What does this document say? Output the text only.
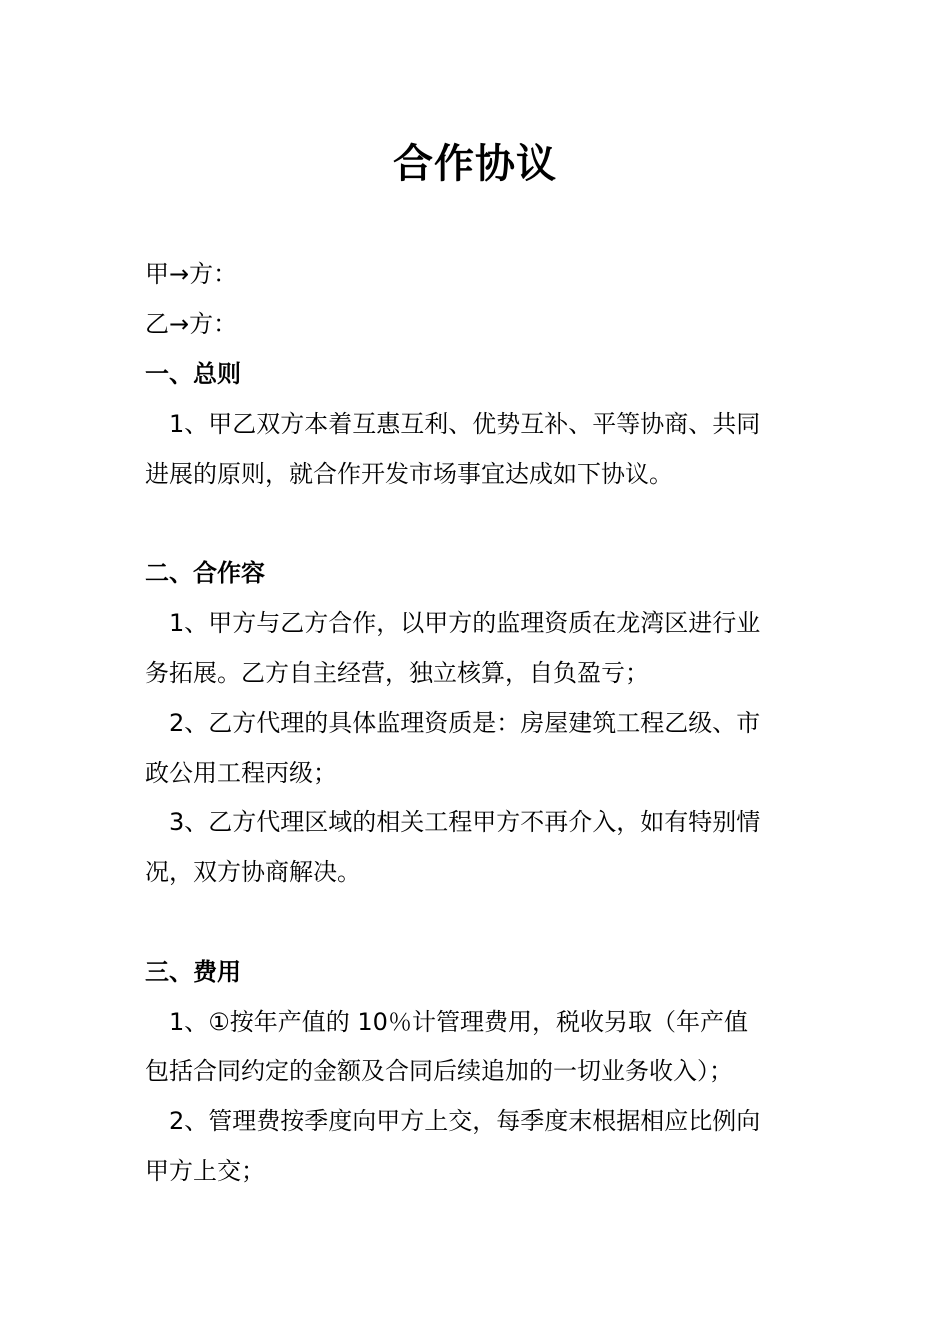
合作协议
甲→方：
乙→方：
一、总则
1、甲乙双方本着互惠互利、优势互补、平等协商、共同
进展的原则，就合作开发市场事宜达成如下协议。
二、合作容
1、甲方与乙方合作，以甲方的监理资质在龙湾区进行业
务拓展。乙方自主经营，独立核算，自负盈亏；
2、乙方代理的具体监理资质是：房屋建筑工程乙级、市
政公用工程丙级；
3、乙方代理区域的相关工程甲方不再介入，如有特别情
况，双方协商解决。
三、费用
1、①按年产值的 10％计管理费用，税收另取（年产值
包括合同约定的金额及合同后续追加的一切业务收入）；
2、管理费按季度向甲方上交，每季度末根据相应比例向
甲方上交；
